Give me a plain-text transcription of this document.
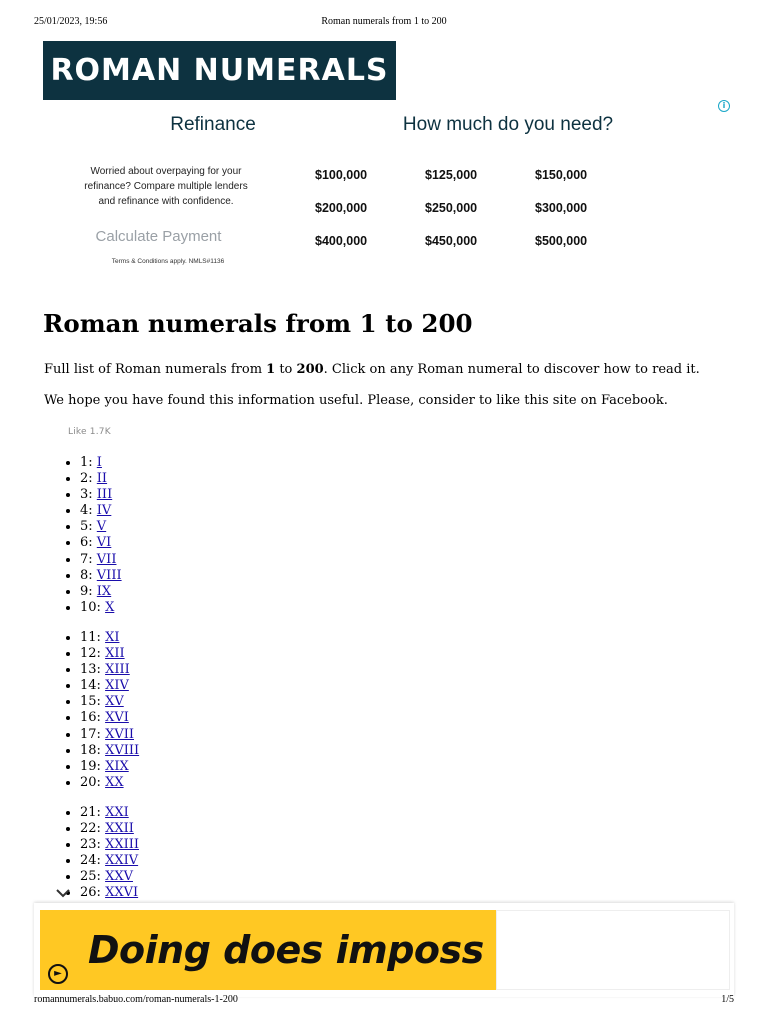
25/01/2023, 19:56	Roman numerals from 1 to 200
ROMAN NUMERALS
i
Refinance	How much do you need?
Worried about overpaying for your refinance? Compare multiple lenders and refinance with confidence.
Calculate Payment
Terms & Conditions apply. NMLS#1136
$100,000	$125,000	$150,000
$200,000	$250,000	$300,000
$400,000	$450,000	$500,000
Roman numerals from 1 to 200

Full list of Roman numerals from 1 to 200. Click on any Roman numeral to discover how to read it.

We hope you have found this information useful. Please, consider to like this site on Facebook.

Like 1.7K
• 1: I
• 2: II
• 3: III
• 4: IV
• 5: V
• 6: VI
• 7: VII
• 8: VIII
• 9: IX
• 10: X
• 11: XI
• 12: XII
• 13: XIII
• 14: XIV
• 15: XV
• 16: XVI
• 17: XVII
• 18: XVIII
• 19: XIX
• 20: XX
• 21: XXI
• 22: XXII
• 23: XXIII
• 24: XXIV
• 25: XXV
• 26: XXVI
Doing does imposs
►
romannumerals.babuo.com/roman-numerals-1-200	1/5
